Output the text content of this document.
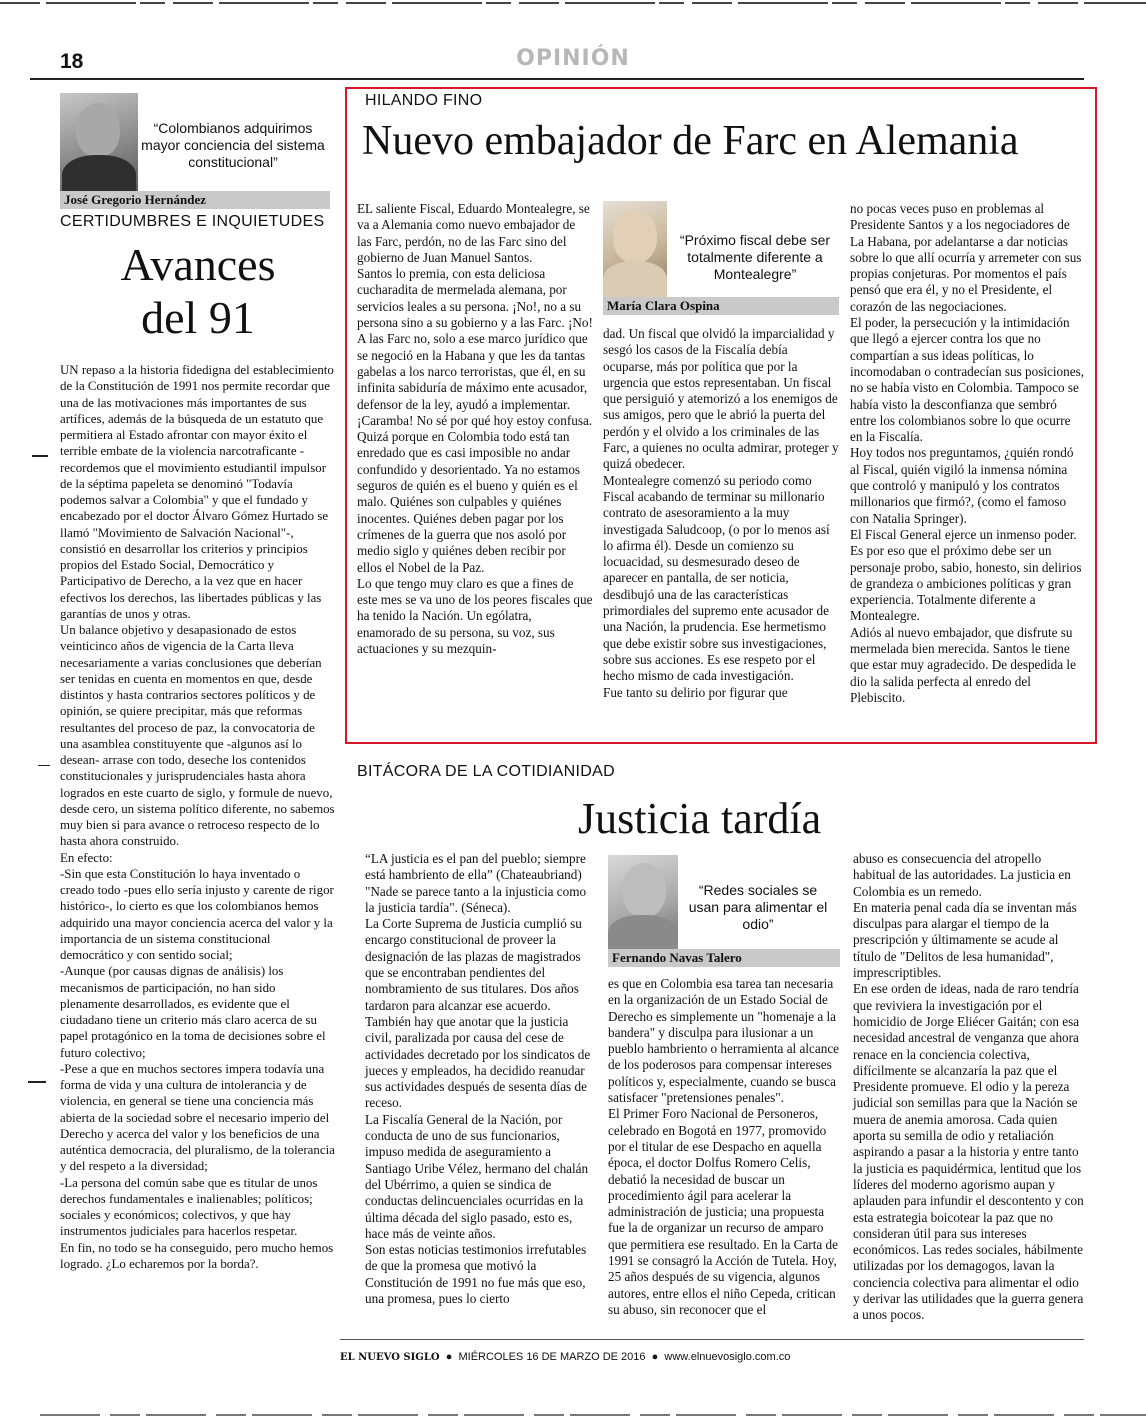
18	OPINIÓN
“Colombianos adquirimos mayor conciencia del sistema constitucional”
José Gregorio Hernández
CERTIDUMBRES E INQUIETUDES
Avances
del 91
UN repaso a la historia fidedigna del establecimiento de la Constitución de 1991 nos permite recordar que una de las motivaciones más importantes de sus artífices, además de la búsqueda de un estatuto que permitiera al Estado afrontar con mayor éxito el terrible embate de la violencia narcotraficante -recordemos que el movimiento estudiantil impulsor de la séptima papeleta se denominó "Todavía podemos salvar a Colombia" y que el fundado y encabezado por el doctor Álvaro Gómez Hurtado se llamó "Movimiento de Salvación Nacional"-, consistió en desarrollar los criterios y principios propios del Estado Social, Democrático y Participativo de Derecho, a la vez que en hacer efectivos los derechos, las libertades públicas y las garantías de unos y otras.
Un balance objetivo y desapasionado de estos veinticinco años de vigencia de la Carta lleva necesariamente a varias conclusiones que deberían ser tenidas en cuenta en momentos en que, desde distintos y hasta contrarios sectores políticos y de opinión, se quiere precipitar, más que reformas resultantes del proceso de paz, la convocatoria de una asamblea constituyente que -algunos así lo desean- arrase con todo, deseche los contenidos constitucionales y jurisprudenciales hasta ahora logrados en este cuarto de siglo, y formule de nuevo, desde cero, un sistema político diferente, no sabemos muy bien si para avance o retroceso respecto de lo hasta ahora construido.
En efecto:
-Sin que esta Constitución lo haya inventado o creado todo -pues ello sería injusto y carente de rigor histórico-, lo cierto es que los colombianos hemos adquirido una mayor conciencia acerca del valor y la importancia de un sistema constitucional democrático y con sentido social;
-Aunque (por causas dignas de análisis) los mecanismos de participación, no han sido plenamente desarrollados, es evidente que el ciudadano tiene un criterio más claro acerca de su papel protagónico en la toma de decisiones sobre el futuro colectivo;
-Pese a que en muchos sectores impera todavía una forma de vida y una cultura de intolerancia y de violencia, en general se tiene una conciencia más abierta de la sociedad sobre el necesario imperio del Derecho y acerca del valor y los beneficios de una auténtica democracia, del pluralismo, de la tolerancia y del respeto a la diversidad;
-La persona del común sabe que es titular de unos derechos fundamentales e inalienables; políticos; sociales y económicos; colectivos, y que hay instrumentos judiciales para hacerlos respetar.
En fin, no todo se ha conseguido, pero mucho hemos logrado. ¿Lo echaremos por la borda?.
HILANDO FINO
Nuevo embajador de Farc en Alemania
EL saliente Fiscal, Eduardo Montealegre, se va a Alemania como nuevo embajador de las Farc, perdón, no de las Farc sino del gobierno de Juan Manuel Santos.
Santos lo premia, con esta deliciosa cucharadita de mermelada alemana, por servicios leales a su persona. ¡No!, no a su persona sino a su gobierno y a las Farc. ¡No! A las Farc no, solo a ese marco jurídico que se negoció en la Habana y que les da tantas gabelas a los narco terroristas, que él, en su infinita sabiduría de máximo ente acusador, defensor de la ley, ayudó a implementar.
¡Caramba! No sé por qué hoy estoy confusa. Quizá porque en Colombia todo está tan enredado que es casi imposible no andar confundido y desorientado. Ya no estamos seguros de quién es el bueno y quién es el malo. Quiénes son culpables y quiénes inocentes. Quiénes deben pagar por los crímenes de la guerra que nos asoló por medio siglo y quiénes deben recibir por ellos el Nobel de la Paz.
Lo que tengo muy claro es que a fines de este mes se va uno de los peores fiscales que ha tenido la Nación. Un ególatra, enamorado de su persona, su voz, sus actuaciones y su mezquin-
“Próximo fiscal debe ser totalmente diferente a Montealegre”
María Clara Ospina
dad. Un fiscal que olvidó la imparcialidad y sesgó los casos de la Fiscalía debía ocuparse, más por política que por la urgencia que estos representaban. Un fiscal que persiguió y atemorizó a los enemigos de sus amigos, pero que le abrió la puerta del perdón y el olvido a los criminales de las Farc, a quienes no oculta admirar, proteger y quizá obedecer.
Montealegre comenzó su periodo como Fiscal acabando de terminar su millonario contrato de asesoramiento a la muy investigada Saludcoop, (o por lo menos así lo afirma él). Desde un comienzo su locuacidad, su desmesurado deseo de aparecer en pantalla, de ser noticia, desdibujó una de las características primordiales del supremo ente acusador de una Nación, la prudencia. Ese hermetismo que debe existir sobre sus investigaciones, sobre sus acciones. Es ese respeto por el hecho mismo de cada investigación.
Fue tanto su delirio por figurar que
no pocas veces puso en problemas al Presidente Santos y a los negociadores de La Habana, por adelantarse a dar noticias sobre lo que allí ocurría y arremeter con sus propias conjeturas. Por momentos el país pensó que era él, y no el Presidente, el corazón de las negociaciones.
El poder, la persecución y la intimidación que llegó a ejercer contra los que no compartían a sus ideas políticas, lo incomodaban o contradecían sus posiciones, no se había visto en Colombia. Tampoco se había visto la desconfianza que sembró entre los colombianos sobre lo que ocurre en la Fiscalía.
Hoy todos nos preguntamos, ¿quién rondó al Fiscal, quién vigiló la inmensa nómina que controló y manipuló y los contratos millonarios que firmó?, (como el famoso con Natalia Springer).
El Fiscal General ejerce un inmenso poder. Es por eso que el próximo debe ser un personaje probo, sabio, honesto, sin delirios de grandeza o ambiciones políticas y gran experiencia. Totalmente diferente a Montealegre.
Adiós al nuevo embajador, que disfrute su mermelada bien merecida. Santos le tiene que estar muy agradecido. De despedida le dio la salida perfecta al enredo del Plebiscito.
BITÁCORA DE LA COTIDIANIDAD
Justicia tardía
“LA justicia es el pan del pueblo; siempre está hambriento de ella” (Chateaubriand) "Nade se parece tanto a la injusticia como la justicia tardía". (Séneca).
La Corte Suprema de Justicia cumplió su encargo constitucional de proveer la designación de las plazas de magistrados que se encontraban pendientes del nombramiento de sus titulares. Dos años tardaron para alcanzar ese acuerdo. También hay que anotar que la justicia civil, paralizada por causa del cese de actividades decretado por los sindicatos de jueces y empleados, ha decidido reanudar sus actividades después de sesenta días de receso.
La Fiscalía General de la Nación, por conducta de uno de sus funcionarios, impuso medida de aseguramiento a Santiago Uribe Vélez, hermano del chalán del Ubérrimo, a quien se sindica de conductas delincuenciales ocurridas en la última década del siglo pasado, esto es, hace más de veinte años.
Son estas noticias testimonios irrefutables de que la promesa que motivó la Constitución de 1991 no fue más que eso, una promesa, pues lo cierto
“Redes sociales se usan para alimentar el odio”
Fernando Navas Talero
es que en Colombia esa tarea tan necesaria en la organización de un Estado Social de Derecho es simplemente un "homenaje a la bandera" y disculpa para ilusionar a un pueblo hambriento o herramienta al alcance de los poderosos para compensar intereses políticos y, especialmente, cuando se busca satisfacer "pretensiones penales".
El Primer Foro Nacional de Personeros, celebrado en Bogotá en 1977, promovido por el titular de ese Despacho en aquella época, el doctor Dolfus Romero Celis, debatió la necesidad de buscar un procedimiento ágil para acelerar la administración de justicia; una propuesta fue la de organizar un recurso de amparo que permitiera ese resultado. En la Carta de 1991 se consagró la Acción de Tutela. Hoy, 25 años después de su vigencia, algunos autores, entre ellos el niño Cepeda, critican su abuso, sin reconocer que el
abuso es consecuencia del atropello habitual de las autoridades. La justicia en Colombia es un remedo.
En materia penal cada día se inventan más disculpas para alargar el tiempo de la prescripción y últimamente se acude al título de "Delitos de lesa humanidad", imprescriptibles.
En ese orden de ideas, nada de raro tendría que reviviera la investigación por el homicidio de Jorge Eliécer Gaitán; con esa necesidad ancestral de venganza que ahora renace en la conciencia colectiva, difícilmente se alcanzaría la paz que el Presidente promueve. El odio y la pereza judicial son semillas para que la Nación se muera de anemia amorosa. Cada quien aporta su semilla de odio y retaliación aspirando a pasar a la historia y entre tanto la justicia es paquidérmica, lentitud que los líderes del moderno agorismo aupan y aplauden para infundir el descontento y con esta estrategia boicotear la paz que no consideran útil para sus intereses económicos. Las redes sociales, hábilmente utilizadas por los demagogos, lavan la conciencia colectiva para alimentar el odio y derivar las utilidades que la guerra genera a unos pocos.
EL NUEVO SIGLO  ●  MIÉRCOLES 16 DE MARZO DE 2016  ●  www.elnuevosiglo.com.co
